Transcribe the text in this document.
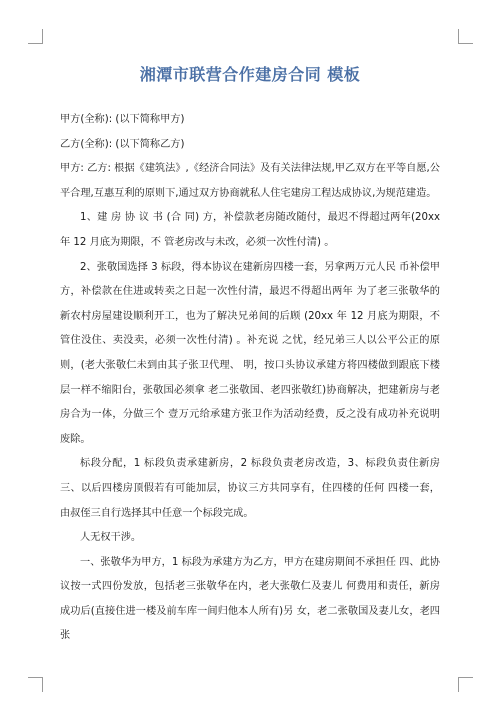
湘潭市联营合作建房合同 模板

甲方(全称): (以下简称甲方)

乙方(全称): (以下简称乙方)

甲方: 乙方: 根据《建筑法》,《经济合同法》及有关法律法规,甲乙双方在平等自愿,公平合理,互惠互利的原则下,通过双方协商就私人住宅建房工程达成协议,为规范建造。

1、建 房 协 议 书 (合 同) 方，补偿款老房随改随付，最迟不得超过两年(20xx 年 12 月底为期限，不 管老房改与未改，必须一次性付清) 。

2、张敬国选择 3 标段，得本协议在建新房四楼一套，另拿两万元人民 币补偿甲方，补偿款在住进或转卖之日起一次性付清，最迟不得超出两年 为了老三张敬华的新农村房屋建设顺利开工，也为了解决兄弟间的后顾 (20xx 年 12 月底为期限，不管住没住、卖没卖，必须一次性付清) 。补充说 之忧，经兄弟三人以公平公正的原则，(老大张敬仁未到由其子张卫代理、 明，按口头协议承建方将四楼做到跟底下楼层一样不缩阳台，张敬国必须拿 老二张敬国、老四张敬红)协商解决，把建新房与老房合为一体，分做三个 壹万元给承建方张卫作为活动经费，反之没有成功补充说明废除。

标段分配，1 标段负责承建新房，2 标段负责老房改造，3、标段负责住新房 三、以后四楼房顶假若有可能加层，协议三方共同享有，住四楼的任何 四楼一套，由叔侄三自行选择其中任意一个标段完成。

人无权干涉。

一、张敬华为甲方，1 标段为承建方为乙方，甲方在建房期间不承担任 四、此协议按一式四份发放，包括老三张敬华在内，老大张敬仁及妻儿 何费用和责任，新房成功后(直接住进一楼及前车库一间归他本人所有)另 女，老二张敬国及妻儿女，老四张
